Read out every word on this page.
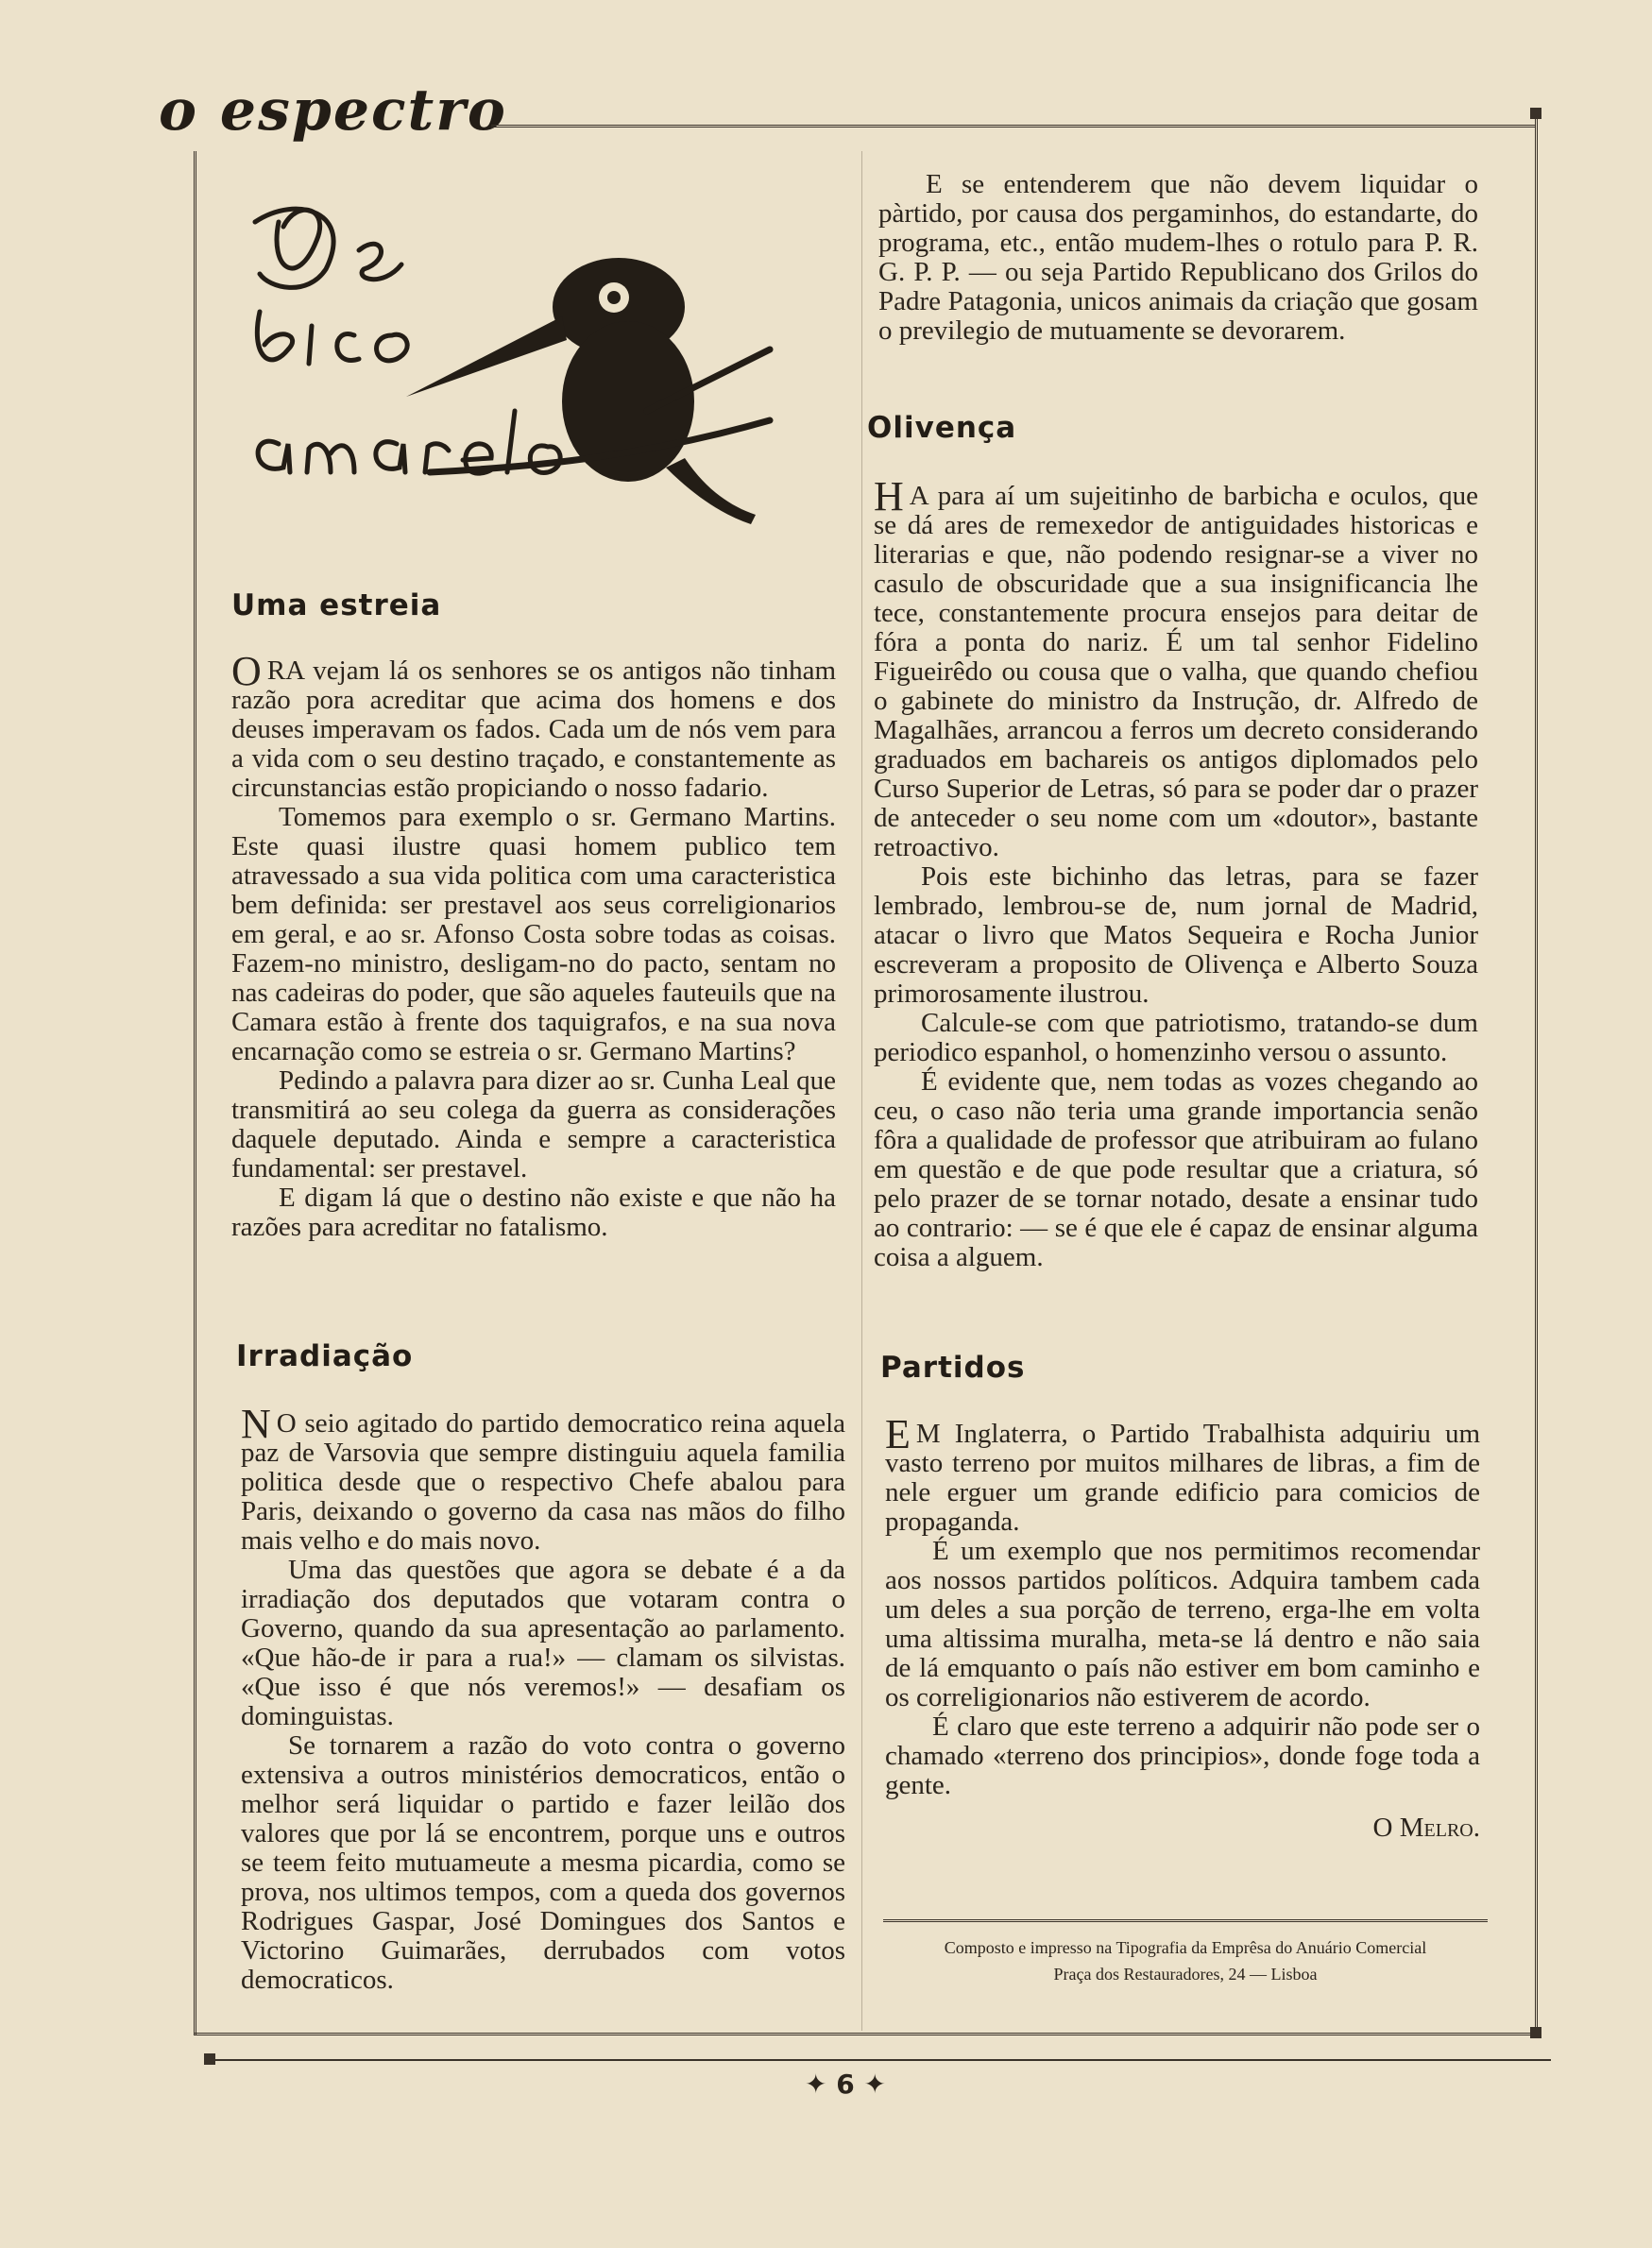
o espectro
Uma estreia

ORA vejam lá os senhores se os antigos não tinham razão pora acreditar que acima dos homens e dos deuses imperavam os fados. Cada um de nós vem para a vida com o seu destino traçado, e constantemente as circunstancias estão propiciando o nosso fadario.

Tomemos para exemplo o sr. Germano Martins. Este quasi ilustre quasi homem publico tem atravessado a sua vida politica com uma caracteristica bem definida: ser prestavel aos seus correligionarios em geral, e ao sr. Afonso Costa sobre todas as coisas. Fazem-no ministro, desligam-no do pacto, sentam no nas cadeiras do poder, que são aqueles fauteuils que na Camara estão à frente dos taquigrafos, e na sua nova encarnação como se estreia o sr. Germano Martins?

Pedindo a palavra para dizer ao sr. Cunha Leal que transmitirá ao seu colega da guerra as considerações daquele deputado. Ainda e sempre a caracteristica fundamental: ser prestavel.

E digam lá que o destino não existe e que não ha razões para acreditar no fatalismo.

Irradiação

N O seio agitado do partido democratico reina aquela paz de Varsovia que sempre distinguiu aquela familia politica desde que o respectivo Chefe abalou para Paris, deixando o governo da casa nas mãos do filho mais velho e do mais novo.

Uma das questões que agora se debate é a da irradiação dos deputados que votaram contra o Governo, quando da sua apresentação ao parlamento. «Que hão-de ir para a rua!» — clamam os silvistas. «Que isso é que nós veremos!» — desafiam os dominguistas.

Se tornarem a razão do voto contra o governo extensiva a outros ministérios democraticos, então o melhor será liquidar o partido e fazer leilão dos valores que por lá se encontrem, porque uns e outros se teem feito mutuameute a mesma picardia, como se prova, nos ultimos tempos, com a queda dos governos Rodrigues Gaspar, José Domingues dos Santos e Victorino Guimarães, derrubados com votos democraticos.

E se entenderem que não devem liquidar o pàrtido, por causa dos pergaminhos, do estandarte, do programa, etc., então mudem-lhes o rotulo para P. R. G. P. P. — ou seja Partido Republicano dos Grilos do Padre Patagonia, unicos animais da criação que gosam o previlegio de mutuamente se devorarem.

Olivença

H A para aí um sujeitinho de barbicha e oculos, que se dá ares de remexedor de antiguidades historicas e literarias e que, não podendo resignar-se a viver no casulo de obscuridade que a sua insignificancia lhe tece, constantemente procura ensejos para deitar de fóra a ponta do nariz. É um tal senhor Fidelino Figueirêdo ou cousa que o valha, que quando chefiou o gabinete do ministro da Instrução, dr. Alfredo de Magalhães, arrancou a ferros um decreto considerando graduados em bachareis os antigos diplomados pelo Curso Superior de Letras, só para se poder dar o prazer de anteceder o seu nome com um «doutor», bastante retroactivo.

Pois este bichinho das letras, para se fazer lembrado, lembrou-se de, num jornal de Madrid, atacar o livro que Matos Sequeira e Rocha Junior escreveram a proposito de Olivença e Alberto Souza primorosamente ilustrou.

Calcule-se com que patriotismo, tratando-se dum periodico espanhol, o homenzinho versou o assunto.

É evidente que, nem todas as vozes chegando ao ceu, o caso não teria uma grande importancia senão fôra a qualidade de professor que atribuiram ao fulano em questão e de que pode resultar que a criatura, só pelo prazer de se tornar notado, desate a ensinar tudo ao contrario: — se é que ele é capaz de ensinar alguma coisa a alguem.

Partidos

E M Inglaterra, o Partido Trabalhista adquiriu um vasto terreno por muitos milhares de libras, a fim de nele erguer um grande edificio para comicios de propaganda.

É um exemplo que nos permitimos recomendar aos nossos partidos políticos. Adquira tambem cada um deles a sua porção de terreno, erga-lhe em volta uma altissima muralha, meta-se lá dentro e não saia de lá emquanto o país não estiver em bom caminho e os correligionarios não estiverem de acordo.

É claro que este terreno a adquirir não pode ser o chamado «terreno dos principios», donde foge toda a gente.

O Melro.

Composto e impresso na Tipografia da Emprêsa do Anuário Comercial
Praça dos Restauradores, 24 — Lisboa
✦ 6 ✦
